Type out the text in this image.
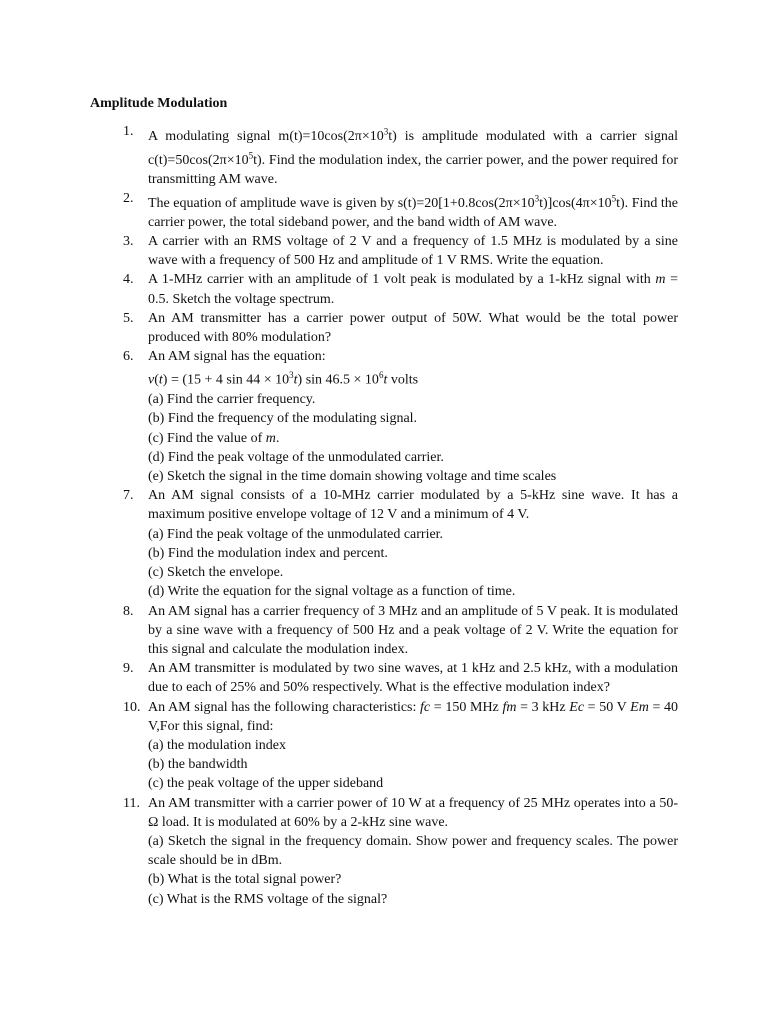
Amplitude Modulation
1. A modulating signal $m(t)=10\cos(2\pi\times 10^3t)$ is amplitude modulated with a carrier signal $c(t)=50\cos(2\pi\times 10^5t)$. Find the modulation index, the carrier power, and the power required for transmitting AM wave.
2. The equation of amplitude wave is given by $s(t)=20[1+0.8\cos(2\pi\times 10^3t)]\cos(4\pi\times 10^5t)$. Find the carrier power, the total sideband power, and the band width of AM wave.
3. A carrier with an RMS voltage of 2 V and a frequency of 1.5 MHz is modulated by a sine wave with a frequency of 500 Hz and amplitude of 1 V RMS. Write the equation.
4. A 1-MHz carrier with an amplitude of 1 volt peak is modulated by a 1-kHz signal with m = 0.5. Sketch the voltage spectrum.
5. An AM transmitter has a carrier power output of 50W. What would be the total power produced with 80% modulation?
6. An AM signal has the equation:
v(t) = (15 + 4 $\sin 44 \times 10^3t$) $\sin 46.5 \times 10^6t$ volts
(a) Find the carrier frequency.
(b) Find the frequency of the modulating signal.
(c) Find the value of m.
(d) Find the peak voltage of the unmodulated carrier.
(e) Sketch the signal in the time domain showing voltage and time scales
7. An AM signal consists of a 10-MHz carrier modulated by a 5-kHz sine wave. It has a maximum positive envelope voltage of 12 V and a minimum of 4 V.
(a) Find the peak voltage of the unmodulated carrier.
(b) Find the modulation index and percent.
(c) Sketch the envelope.
(d) Write the equation for the signal voltage as a function of time.
8. An AM signal has a carrier frequency of 3 MHz and an amplitude of 5 V peak. It is modulated by a sine wave with a frequency of 500 Hz and a peak voltage of 2 V. Write the equation for this signal and calculate the modulation index.
9. An AM transmitter is modulated by two sine waves, at 1 kHz and 2.5 kHz, with a modulation due to each of 25% and 50% respectively. What is the effective modulation index?
10. An AM signal has the following characteristics: fc = 150 MHz fm = 3 kHz Ec = 50 V Em = 40 V,For this signal, find:
(a) the modulation index
(b) the bandwidth
(c) the peak voltage of the upper sideband
11. An AM transmitter with a carrier power of 10 W at a frequency of 25 MHz operates into a 50-Ω load. It is modulated at 60% by a 2-kHz sine wave.
(a) Sketch the signal in the frequency domain. Show power and frequency scales. The power scale should be in dBm.
(b) What is the total signal power?
(c) What is the RMS voltage of the signal?
